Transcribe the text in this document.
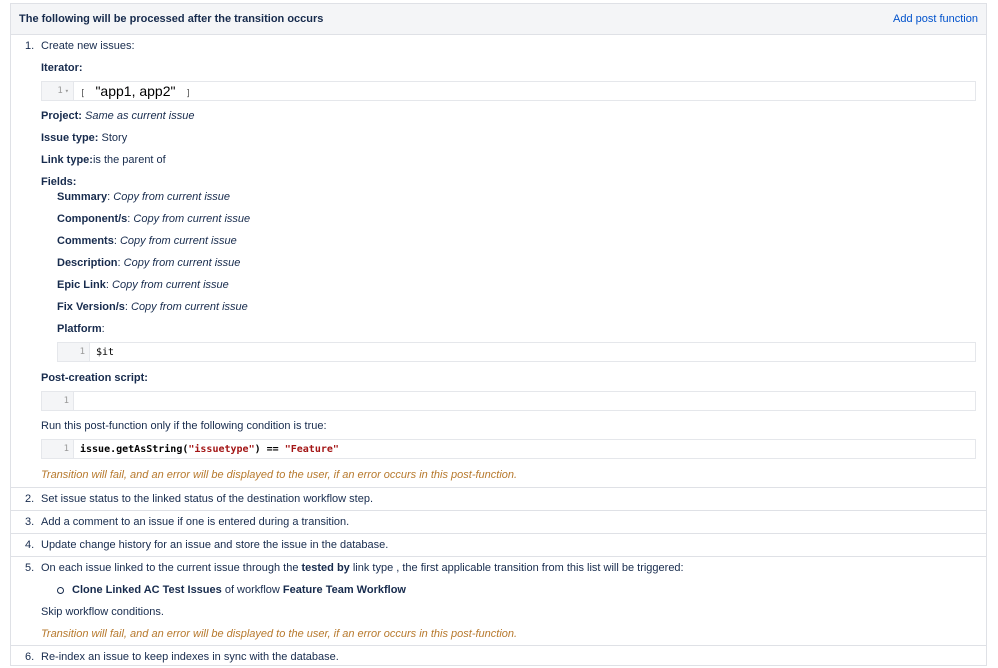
The following will be processed after the transition occurs	Add post function
1. Create new issues:
Iterator:
1 ▾	[ "app1, app2" ]
Project: Same as current issue
Issue type: Story
Link type:is the parent of
Fields:
Summary: Copy from current issue
Component/s: Copy from current issue
Comments: Copy from current issue
Description: Copy from current issue
Epic Link: Copy from current issue
Fix Version/s: Copy from current issue
Platform:
1	$it
Post-creation script:
1
Run this post-function only if the following condition is true:
1	issue.getAsString("issuetype") == "Feature"
Transition will fail, and an error will be displayed to the user, if an error occurs in this post-function.
2. Set issue status to the linked status of the destination workflow step.
3. Add a comment to an issue if one is entered during a transition.
4. Update change history for an issue and store the issue in the database.
5. On each issue linked to the current issue through the tested by link type , the first applicable transition from this list will be triggered:
Clone Linked AC Test Issues of workflow Feature Team Workflow
Skip workflow conditions.
Transition will fail, and an error will be displayed to the user, if an error occurs in this post-function.
6. Re-index an issue to keep indexes in sync with the database.
